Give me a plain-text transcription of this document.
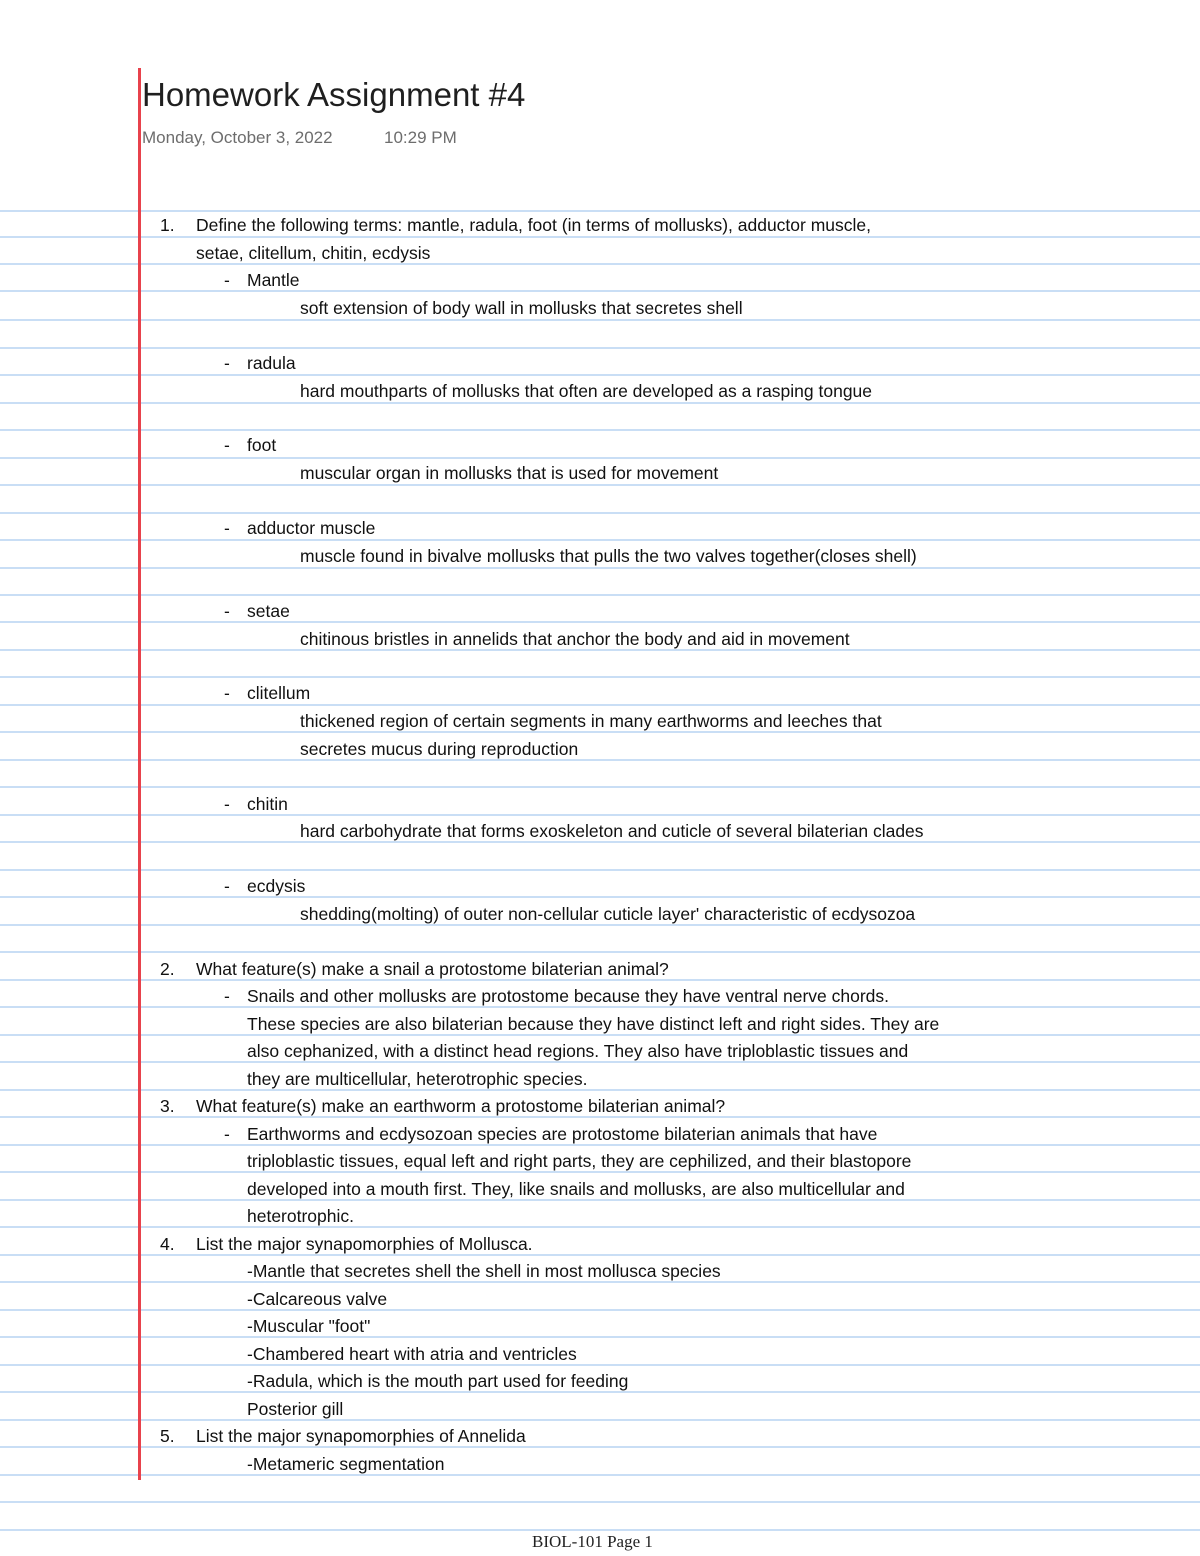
Homework Assignment #4
Monday, October 3, 2022	10:29 PM
1. Define the following terms: mantle, radula, foot (in terms of mollusks), adductor muscle,
setae, clitellum, chitin, ecdysis
- Mantle
soft extension of body wall in mollusks that secretes shell
- radula
hard mouthparts of mollusks that often are developed as a rasping tongue
- foot
muscular organ in mollusks that is used for movement
- adductor muscle
muscle found in bivalve mollusks that pulls the two valves together(closes shell)
- setae
chitinous bristles in annelids that anchor the body and aid in movement
- clitellum
thickened region of certain segments in many earthworms and leeches that
secretes mucus during reproduction
- chitin
hard carbohydrate that forms exoskeleton and cuticle of several bilaterian clades
- ecdysis
shedding(molting) of outer non-cellular cuticle layer' characteristic of ecdysozoa
2. What feature(s) make a snail a protostome bilaterian animal?
- Snails and other mollusks are protostome because they have ventral nerve chords.
These species are also bilaterian because they have distinct left and right sides. They are
also cephanized, with a distinct head regions. They also have triploblastic tissues and
they are multicellular, heterotrophic species.
3. What feature(s) make an earthworm a protostome bilaterian animal?
- Earthworms and ecdysozoan species are protostome bilaterian animals that have
triploblastic tissues, equal left and right parts, they are cephilized, and their blastopore
developed into a mouth first. They, like snails and mollusks, are also multicellular and
heterotrophic.
4. List the major synapomorphies of Mollusca.
-Mantle that secretes shell the shell in most mollusca species
-Calcareous valve
-Muscular "foot"
-Chambered heart with atria and ventricles
-Radula, which is the mouth part used for feeding
Posterior gill
5. List the major synapomorphies of Annelida
-Metameric segmentation
BIOL-101 Page 1
